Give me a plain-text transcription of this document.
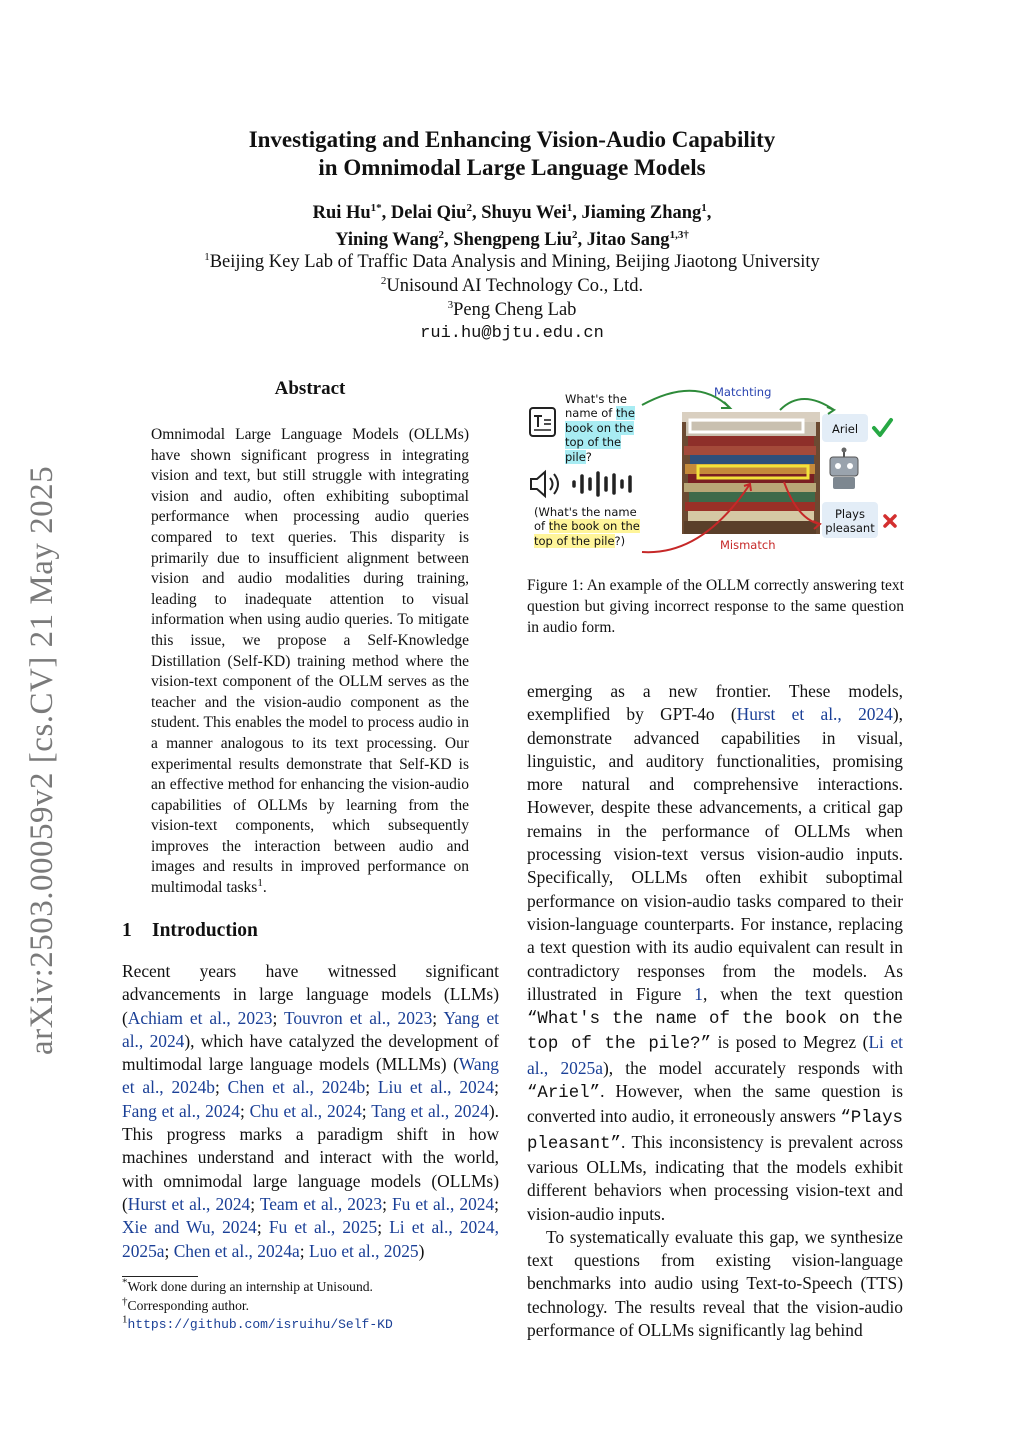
arXiv:2503.00059v2 [cs.CV] 21 May 2025
Investigating and Enhancing Vision-Audio Capability
in Omnimodal Large Language Models
Rui $Hu^{1*}$, Delai Qiu$^2$, Shuyu Wei$^1$, Jiaming Zhang$^1$,
Yining Wang$^2$, Shengpeng Liu$^2$, Jitao Sang$^{1,3\dagger}$
$^1$Beijing Key Lab of Traffic Data Analysis and Mining, Beijing Jiaotong University
$^2$Unisound AI Technology Co., Ltd.
$^3$Peng Cheng Lab
rui.hu@bjtu.edu.cn
Abstract
Omnimodal Large Language Models (OLLMs) have shown significant progress in integrating vision and text, but still struggle with integrating vision and audio, often exhibiting suboptimal performance when processing audio queries compared to text queries. This disparity is primarily due to insufficient alignment between vision and audio modalities during training, leading to inadequate attention to visual information when using audio queries. To mitigate this issue, we propose a Self-Knowledge Distillation (Self-KD) training method where the vision-text component of the OLLM serves as the teacher and the vision-audio component as the student. This enables the model to process audio in a manner analogous to its text processing. Our experimental results demonstrate that Self-KD is an effective method for enhancing the vision-audio capabilities of OLLMs by learning from the vision-text components, which subsequently improves the interaction between audio and images and results in improved performance on multimodal tasks$^1$.
1 Introduction
Recent years have witnessed significant advancements in large language models (LLMs) (Achiam et al., 2023; Touvron et al., 2023; Yang et al., 2024), which have catalyzed the development of multimodal large language models (MLLMs) (Wang et al., 2024b; Chen et al., 2024b; Liu et al., 2024; Fang et al., 2024; Chu et al., 2024; Tang et al., 2024). This progress marks a paradigm shift in how machines understand and interact with the world, with omnimodal large language models (OLLMs) (Hurst et al., 2024; Team et al., 2023; Fu et al., 2024; Xie and Wu, 2024; Fu et al., 2025; Li et al., 2024, 2025a; Chen et al., 2024a; Luo et al., 2025)
*Work done during an internship at Unisound.
†Corresponding author.
$^1$https://github.com/isruihu/Self-KD
What's the
name of the
book on the
top of the
pile?
(What's the name
of the book on the
top of the pile?)
Matchting
Mismatch
Ariel
Plays
pleasant
Figure 1: An example of the OLLM correctly answering text question but giving incorrect response to the same question in audio form.

emerging as a new frontier. These models, exemplified by GPT-4o (Hurst et al., 2024), demonstrate advanced capabilities in visual, linguistic, and auditory functionalities, promising more natural and comprehensive interactions. However, despite these advancements, a critical gap remains in the performance of OLLMs when processing vision-text versus vision-audio inputs. Specifically, OLLMs often exhibit suboptimal performance on vision-audio tasks compared to their vision-language counterparts. For instance, replacing a text question with its audio equivalent can result in contradictory responses from the models. As illustrated in Figure 1, when the text question “What's the name of the book on the top of the pile?” is posed to Megrez (Li et al., 2025a), the model accurately responds with “Ariel”. However, when the same question is converted into audio, it erroneously answers “Plays pleasant”. This inconsistency is prevalent across various OLLMs, indicating that the models exhibit different behaviors when processing vision-text and vision-audio inputs.

To systematically evaluate this gap, we synthesize text questions from existing vision-language benchmarks into audio using Text-to-Speech (TTS) technology. The results reveal that the vision-audio performance of OLLMs significantly lag behind
